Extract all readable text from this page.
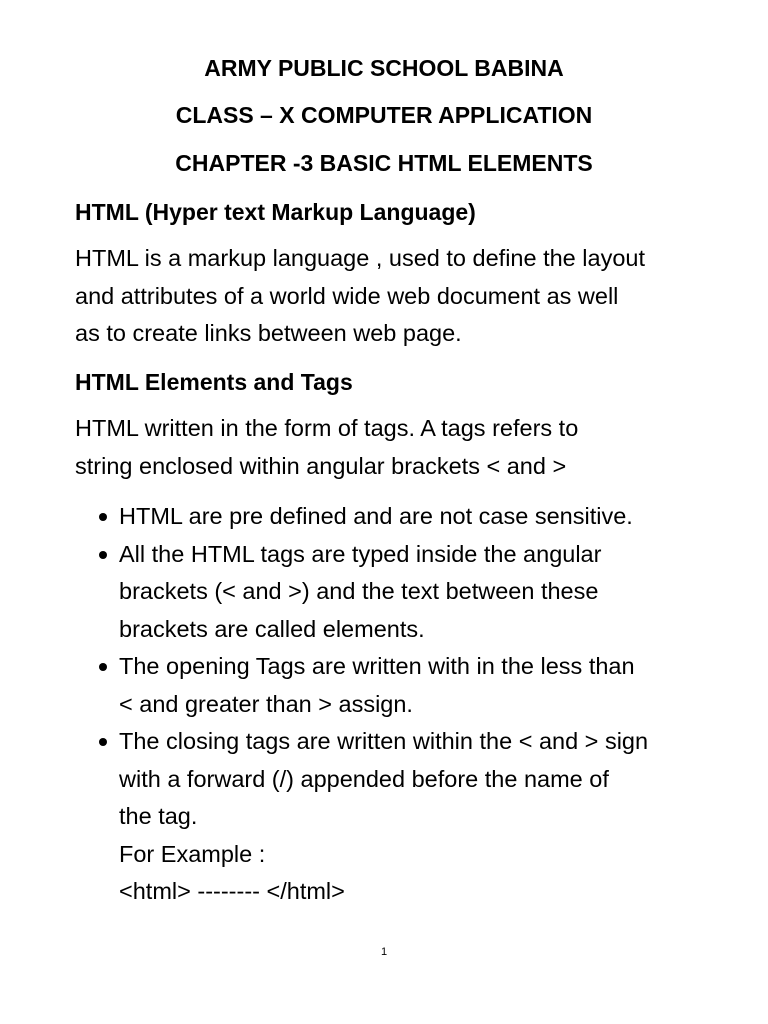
ARMY PUBLIC SCHOOL BABINA
CLASS – X COMPUTER APPLICATION
CHAPTER -3 BASIC HTML ELEMENTS
HTML (Hyper text Markup Language)

HTML is a markup language , used to define the layout
and attributes of a world wide web document as well
as to create links between web page.

HTML Elements and Tags

HTML written in the form of tags. A tags refers to
string enclosed within angular brackets < and >

HTML are pre defined and are not case sensitive.
All the HTML tags are typed inside the angular
brackets (< and >) and the text between these
brackets are called elements.
The opening Tags are written with in the less than
< and greater than > assign.
The closing tags are written within the < and > sign
with a forward (/) appended before the name of
the tag.
For Example :
<html> -------- </html>
1
